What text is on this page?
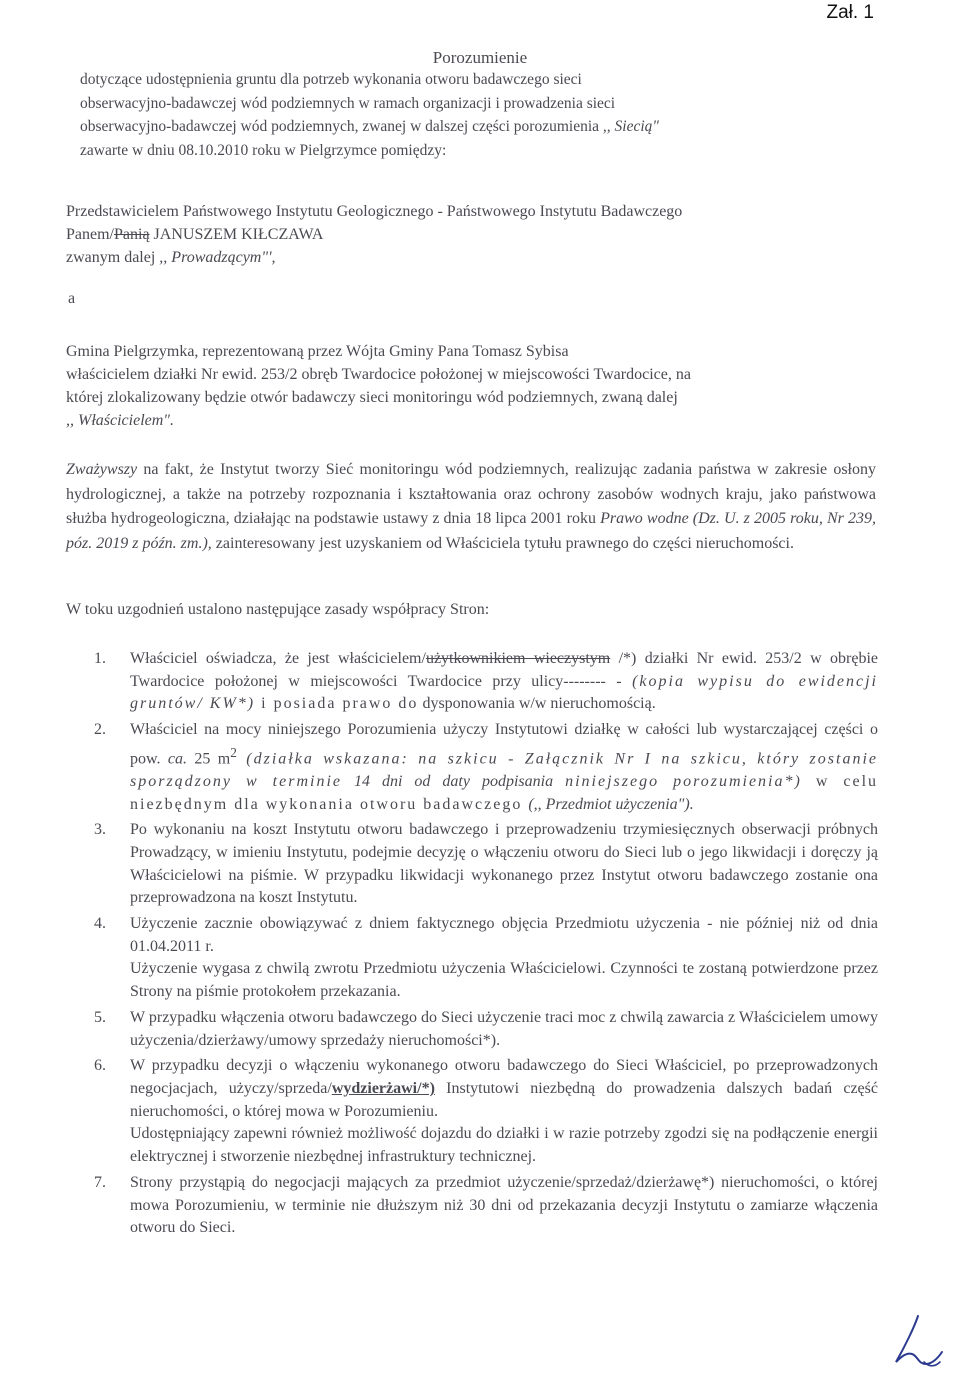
Zał. 1
Porozumienie
dotyczące udostępnienia gruntu dla potrzeb wykonania otworu badawczego sieci
obserwacyjno-badawczej wód podziemnych w ramach organizacji i prowadzenia sieci
obserwacyjno-badawczej wód podziemnych, zwanej w dalszej części porozumienia ,, Siecią"
zawarte w dniu 08.10.2010 roku w Pielgrzymce pomiędzy:
Przedstawicielem Państwowego Instytutu Geologicznego - Państwowego Instytutu Badawczego
Panem/Panią JANUSZEM KIŁCZAWA
zwanym dalej ,, Prowadzącym"',
a
Gmina Pielgrzymka, reprezentowaną przez Wójta Gminy Pana Tomasz Sybisa
właścicielem działki Nr ewid. 253/2 obręb Twardocice położonej w miejscowości Twardocice, na
której zlokalizowany będzie otwór badawczy sieci monitoringu wód podziemnych, zwaną dalej
,, Właścicielem".
Zważywszy na fakt, że Instytut tworzy Sieć monitoringu wód podziemnych, realizując zadania państwa w zakresie osłony hydrologicznej, a także na potrzeby rozpoznania i kształtowania oraz ochrony zasobów wodnych kraju, jako państwowa służba hydrogeologiczna, działając na podstawie ustawy z dnia 18 lipca 2001 roku Prawo wodne (Dz. U. z 2005 roku, Nr 239, póz. 2019 z późn. zm.), zainteresowany jest uzyskaniem od Właściciela tytułu prawnego do części nieruchomości.
W toku uzgodnień ustalono następujące zasady współpracy Stron:
1. Właściciel oświadcza, że jest właścicielem/użytkownikiem wieczystym /*) działki Nr ewid. 253/2 w obrębie Twardocice położonej w miejscowości Twardocice przy ulicy-------- - (kopia wypisu do ewidencji gruntów/ KW*) i posiada prawo do dysponowania w/w nieruchomością.

2. Właściciel na mocy niniejszego Porozumienia użyczy Instytutowi działkę w całości lub wystarczającej części o pow. ca. 25 $m^2$ (działka wskazana: na szkicu - Załącznik Nr I na szkicu, który zostanie sporządzony w terminie 14 dni od daty podpisania niniejszego porozumienia*) w celu niezbędnym dla wykonania otworu badawczego (,, Przedmiot użyczenia").

3. Po wykonaniu na koszt Instytutu otworu badawczego i przeprowadzeniu trzymiesięcznych obserwacji próbnych Prowadzący, w imieniu Instytutu, podejmie decyzję o włączeniu otworu do Sieci lub o jego likwidacji i doręczy ją Właścicielowi na piśmie. W przypadku likwidacji wykonanego przez Instytut otworu badawczego zostanie ona przeprowadzona na koszt Instytutu.

4. Użyczenie zacznie obowiązywać z dniem faktycznego objęcia Przedmiotu użyczenia - nie później niż od dnia 01.04.2011 r.

Użyczenie wygasa z chwilą zwrotu Przedmiotu użyczenia Właścicielowi. Czynności te zostaną potwierdzone przez Strony na piśmie protokołem przekazania.

5. W przypadku włączenia otworu badawczego do Sieci użyczenie traci moc z chwilą zawarcia z Właścicielem umowy użyczenia/dzierżawy/umowy sprzedaży nieruchomości*).

6. W przypadku decyzji o włączeniu wykonanego otworu badawczego do Sieci Właściciel, po przeprowadzonych negocjacjach, użyczy/sprzeda/wydzierżawi/*) Instytutowi niezbędną do prowadzenia dalszych badań część nieruchomości, o której mowa w Porozumieniu.

Udostępniający zapewni również możliwość dojazdu do działki i w razie potrzeby zgodzi się na podłączenie energii elektrycznej i stworzenie niezbędnej infrastruktury technicznej.

7. Strony przystąpią do negocjacji mających za przedmiot użyczenie/sprzedaż/dzierżawę*) nieruchomości, o której mowa Porozumieniu, w terminie nie dłuższym niż 30 dni od przekazania decyzji Instytutu o zamiarze włączenia otworu do Sieci.
